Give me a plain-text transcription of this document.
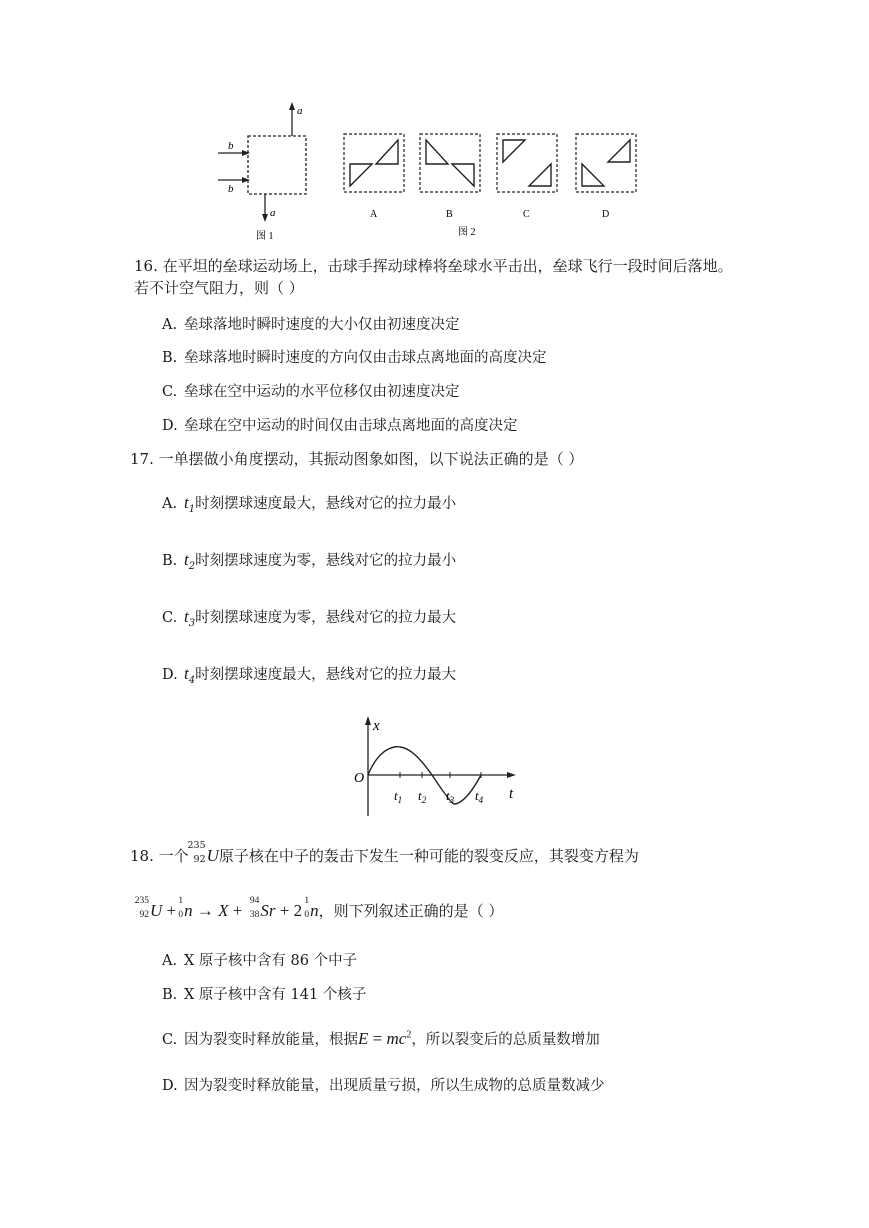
a
b
b
a
图 1
A	B	C	D
图 2
16. 在平坦的垒球运动场上，击球手挥动球棒将垒球水平击出，垒球飞行一段时间后落地。
若不计空气阻力，则（ ）
A. 垒球落地时瞬时速度的大小仅由初速度决定
B. 垒球落地时瞬时速度的方向仅由击球点离地面的高度决定
C. 垒球在空中运动的水平位移仅由初速度决定
D. 垒球在空中运动的时间仅由击球点离地面的高度决定
17. 一单摆做小角度摆动，其振动图象如图，以下说法正确的是（ ）
A. $t_1$时刻摆球速度最大，悬线对它的拉力最小
B. $t_2$时刻摆球速度为零，悬线对它的拉力最小
C. $t_3$时刻摆球速度为零，悬线对它的拉力最大
D. $t_4$时刻摆球速度最大，悬线对它的拉力最大
x
t
O
$t_1$ $t_2$ $t_3$ $t_4$
18. 一个
235
92 U原子核在中子的轰击下发生一种可能的裂变反应，其裂变方程为
235
92 U + 1
0 n → X + 94
38 Sr + 2 1
0 n，则下列叙述正确的是（ ）
A. X 原子核中含有 86 个中子
B. X 原子核中含有 141 个核子
C. 因为裂变时释放能量，根据$E = mc^2$，所以裂变后的总质量数增加
D. 因为裂变时释放能量，出现质量亏损，所以生成物的总质量数减少
